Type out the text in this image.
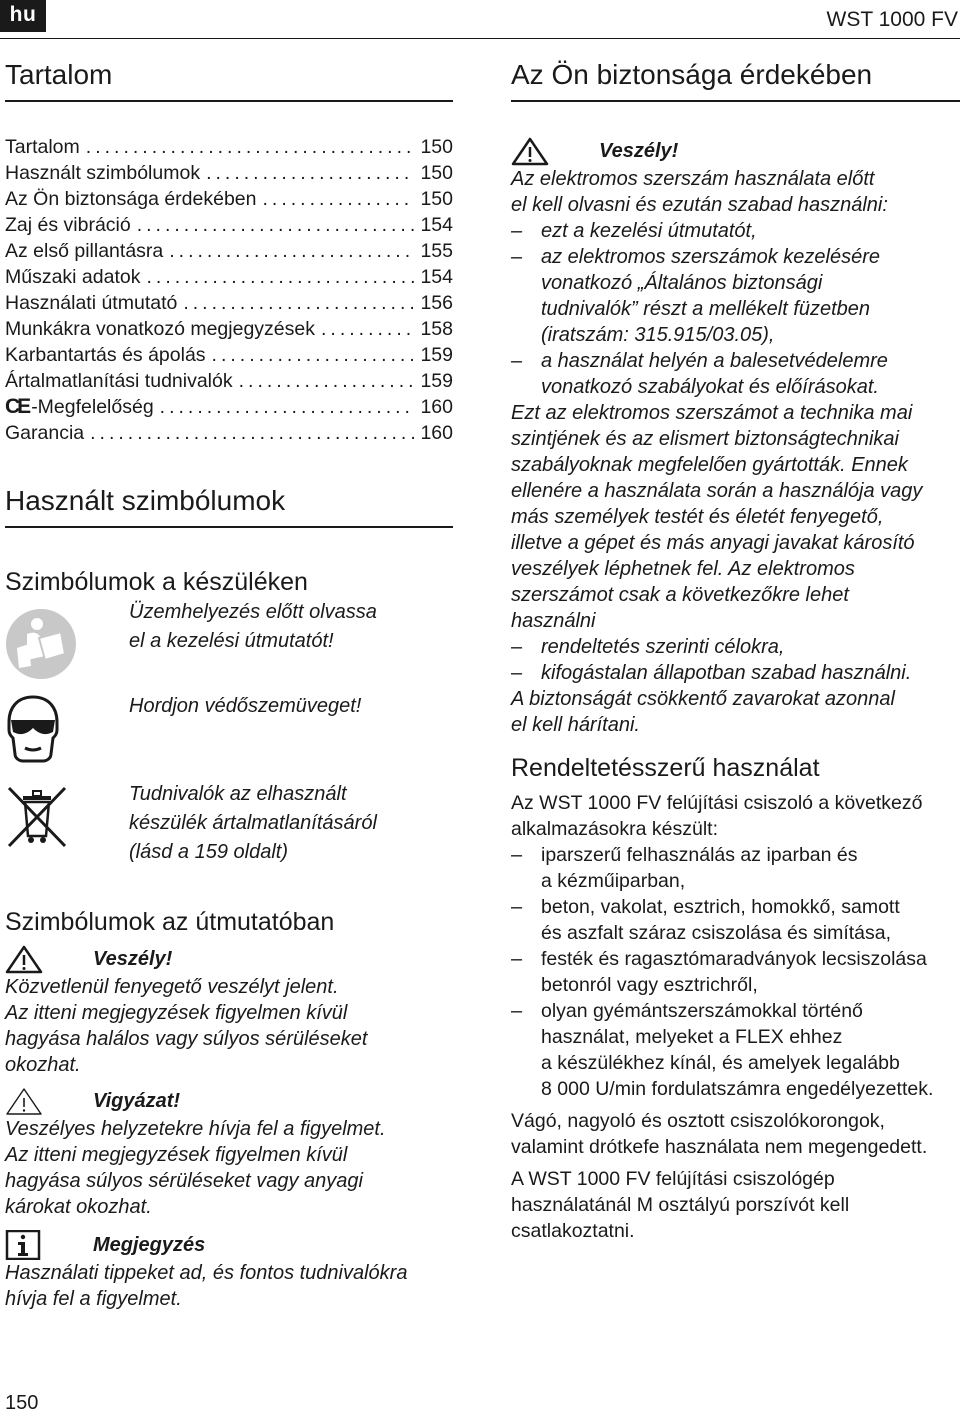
hu	WST 1000 FV
Tartalom
Tartalom .....	150
Használt szimbólumok .....	150
Az Ön biztonsága érdekében .....	150
Zaj és vibráció .....	154
Az első pillantásra .....	155
Műszaki adatok .....	154
Használati útmutató .....	156
Munkákra vonatkozó megjegyzések .....	158
Karbantartás és ápolás .....	159
Ártalmatlanítási tudnivalók .....	159
CE -Megfelelőség .....	160
Garancia .....	160
Használt szimbólumok
Szimbólumok a készüléken
Üzemhelyezés előtt olvassa
el a kezelési útmutatót!
Hordjon védőszemüveget!
Tudnivalók az elhasznált
készülék ártalmatlanításáról
(lásd a 159 oldalt)
Szimbólumok az útmutatóban
Veszély!

Közvetlenül fenyegető veszélyt jelent.

Az itteni megjegyzések figyelmen kívül

hagyása halálos vagy súlyos sérüléseket

okozhat.

Vigyázat!

Veszélyes helyzetekre hívja fel a figyelmet.

Az itteni megjegyzések figyelmen kívül

hagyása súlyos sérüléseket vagy anyagi

károkat okozhat.

Megjegyzés

Használati tippeket ad, és fontos tudnivalókra

hívja fel a figyelmet.

Az Ön biztonsága érdekében
Veszély!

Az elektromos szerszám használata előtt

el kell olvasni és ezután szabad használni:

– ezt a kezelési útmutatót,
– az elektromos szerszámok kezelésére
vonatkozó „Általános biztonsági
tudnivalók” részt a mellékelt füzetben
(iratszám: 315.915/03.05),
– a használat helyén a balesetvédelemre
vonatkozó szabályokat és előírásokat.

Ezt az elektromos szerszámot a technika mai

szintjének és az elismert biztonságtechnikai

szabályoknak megfelelően gyártották. Ennek

ellenére a használata során a használója vagy

más személyek testét és életét fenyegető,

illetve a gépet és más anyagi javakat károsító

veszélyek léphetnek fel. Az elektromos

szerszámot csak a következőkre lehet

használni

– rendeltetés szerinti célokra,
– kifogástalan állapotban szabad használni.

A biztonságát csökkentő zavarokat azonnal

el kell hárítani.

Rendeltetésszerű használat

Az WST 1000 FV felújítási csiszoló a következő

alkalmazásokra készült:

– iparszerű felhasználás az iparban és
a kézműiparban,
– beton, vakolat, esztrich, homokkő, samott
és aszfalt száraz csiszolása és simítása,
– festék és ragasztómaradványok lecsiszolása
betonról vagy esztrichről,
– olyan gyémántszerszámokkal történő
használat, melyeket a FLEX ehhez
a készülékhez kínál, és amelyek legalább
8 000 U/min fordulatszámra engedélyezettek.

Vágó, nagyoló és osztott csiszolókorongok,

valamint drótkefe használata nem megengedett.

A WST 1000 FV felújítási csiszológép

használatánál M osztályú porszívót kell

csatlakoztatni.

150
